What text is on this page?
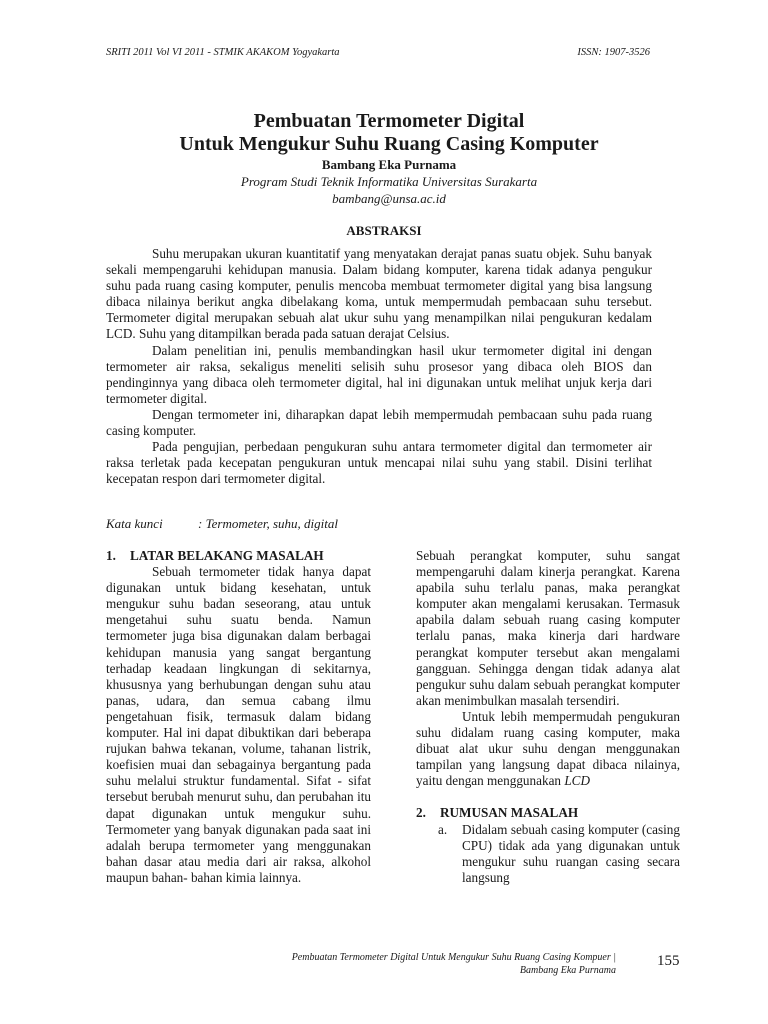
SRITI 2011 Vol VI 2011 - STMIK AKAKOM Yogyakarta	ISSN: 1907-3526

Pembuatan Termometer Digital
Untuk Mengukur Suhu Ruang Casing Komputer

Bambang Eka Purnama
Program Studi Teknik Informatika Universitas Surakarta
bambang@unsa.ac.id
ABSTRAKSI

Suhu merupakan ukuran kuantitatif yang menyatakan derajat panas suatu objek. Suhu banyak sekali mempengaruhi kehidupan manusia. Dalam bidang komputer, karena tidak adanya pengukur suhu pada ruang casing komputer, penulis mencoba membuat termometer digital yang bisa langsung dibaca nilainya berikut angka dibelakang koma, untuk mempermudah pembacaan suhu tersebut. Termometer digital merupakan sebuah alat ukur suhu yang menampilkan nilai pengukuran kedalam LCD. Suhu yang ditampilkan berada pada satuan derajat Celsius.

Dalam penelitian ini, penulis membandingkan hasil ukur termometer digital ini dengan termometer air raksa, sekaligus meneliti selisih suhu prosesor yang dibaca oleh BIOS dan pendinginnya yang dibaca oleh termometer digital, hal ini digunakan untuk melihat unjuk kerja dari termometer digital.

Dengan termometer ini, diharapkan dapat lebih mempermudah pembacaan suhu pada ruang casing komputer.

Pada pengujian, perbedaan pengukuran suhu antara termometer digital dan termometer air raksa terletak pada kecepatan pengukuran untuk mencapai nilai suhu yang stabil. Disini terlihat kecepatan respon dari termometer digital.

Kata kunci	: Termometer, suhu, digital

1. LATAR BELAKANG MASALAH

Sebuah termometer tidak hanya dapat digunakan untuk bidang kesehatan, untuk mengukur suhu badan seseorang, atau untuk mengetahui suhu suatu benda. Namun termometer juga bisa digunakan dalam berbagai kehidupan manusia yang sangat bergantung terhadap keadaan lingkungan di sekitarnya, khususnya yang berhubungan dengan suhu atau panas, udara, dan semua cabang ilmu pengetahuan fisik, termasuk dalam bidang komputer. Hal ini dapat dibuktikan dari beberapa rujukan bahwa tekanan, volume, tahanan listrik, koefisien muai dan sebagainya bergantung pada suhu melalui struktur fundamental. Sifat - sifat tersebut berubah menurut suhu, dan perubahan itu dapat digunakan untuk mengukur suhu. Termometer yang banyak digunakan pada saat ini adalah berupa termometer yang menggunakan bahan dasar atau media dari air raksa, alkohol maupun bahan- bahan kimia lainnya.

Sebuah perangkat komputer, suhu sangat mempengaruhi dalam kinerja perangkat. Karena apabila suhu terlalu panas, maka perangkat komputer akan mengalami kerusakan. Termasuk apabila dalam sebuah ruang casing komputer terlalu panas, maka kinerja dari hardware perangkat komputer tersebut akan mengalami gangguan. Sehingga dengan tidak adanya alat pengukur suhu dalam sebuah perangkat komputer akan menimbulkan masalah tersendiri.

Untuk lebih mempermudah pengukuran suhu didalam ruang casing komputer, maka dibuat alat ukur suhu dengan menggunakan tampilan yang langsung dapat dibaca nilainya, yaitu dengan menggunakan LCD

2. RUMUSAN MASALAH

a. Didalam sebuah casing komputer (casing CPU) tidak ada yang digunakan untuk mengukur suhu ruangan casing secara langsung
Pembuatan Termometer Digital Untuk Mengukur Suhu Ruang Casing Kompuer |
Bambang Eka Purnama
155
